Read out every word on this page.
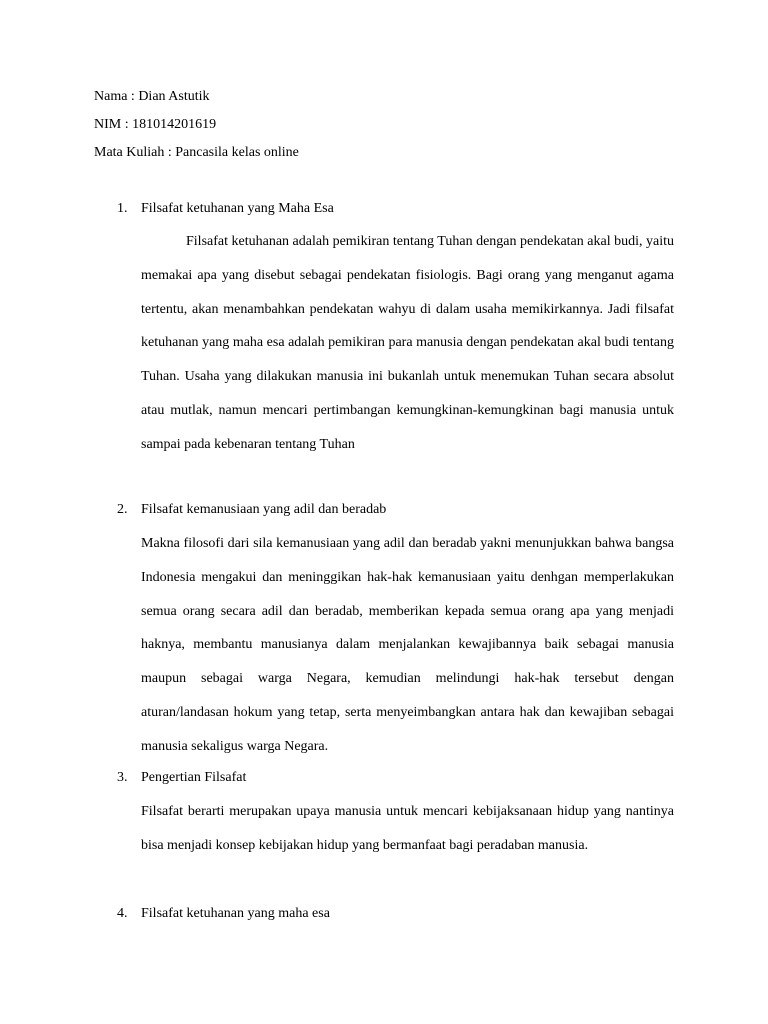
Nama : Dian Astutik
NIM : 181014201619
Mata Kuliah : Pancasila kelas online
1. Filsafat ketuhanan yang Maha Esa

Filsafat ketuhanan adalah pemikiran tentang Tuhan dengan pendekatan akal budi, yaitu memakai apa yang disebut sebagai pendekatan fisiologis. Bagi orang yang menganut agama tertentu, akan menambahkan pendekatan wahyu di dalam usaha memikirkannya. Jadi filsafat ketuhanan yang maha esa adalah pemikiran para manusia dengan pendekatan akal budi tentang Tuhan. Usaha yang dilakukan manusia ini bukanlah untuk menemukan Tuhan secara absolut atau mutlak, namun mencari pertimbangan kemungkinan-kemungkinan bagi manusia untuk sampai pada kebenaran tentang Tuhan

2. Filsafat kemanusiaan yang adil dan beradab

Makna filosofi dari sila kemanusiaan yang adil dan beradab yakni menunjukkan bahwa bangsa Indonesia mengakui dan meninggikan hak-hak kemanusiaan yaitu denhgan memperlakukan semua orang secara adil dan beradab, memberikan kepada semua orang apa yang menjadi haknya, membantu manusianya dalam menjalankan kewajibannya baik sebagai manusia maupun sebagai warga Negara, kemudian melindungi hak-hak tersebut dengan aturan/landasan hokum yang tetap, serta menyeimbangkan antara hak dan kewajiban sebagai manusia sekaligus warga Negara.

3. Pengertian Filsafat

Filsafat berarti merupakan upaya manusia untuk mencari kebijaksanaan hidup yang nantinya bisa menjadi konsep kebijakan hidup yang bermanfaat bagi peradaban manusia.

4. Filsafat ketuhanan yang maha esa
